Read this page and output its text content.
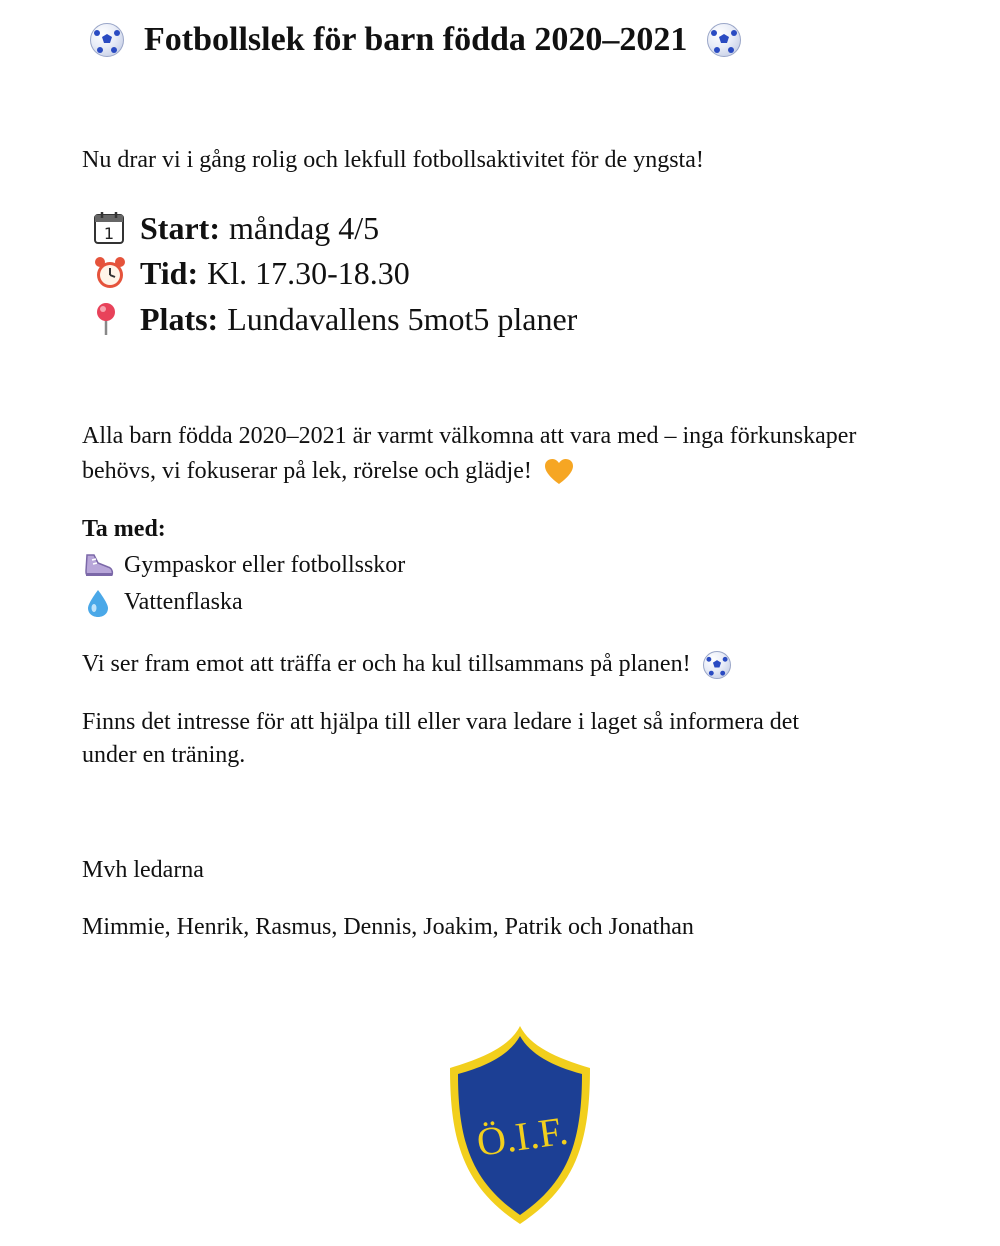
Fotbollslek för barn födda 2020–2021
Nu drar vi i gång rolig och lekfull fotbollsaktivitet för de yngsta!
1 Start: måndag 4/5
Tid: Kl. 17.30-18.30
Plats: Lundavallens 5mot5 planer
Alla barn födda 2020–2021 är varmt välkomna att vara med – inga förkunskaper
behövs, vi fokuserar på lek, rörelse och glädje!
Ta med:
Gympaskor eller fotbollsskor
Vattenflaska
Vi ser fram emot att träffa er och ha kul tillsammans på planen!
Finns det intresse för att hjälpa till eller vara ledare i laget så informera det
under en träning.
Mvh ledarna
Mimmie, Henrik, Rasmus, Dennis, Joakim, Patrik och Jonathan
Ö.I.F.
